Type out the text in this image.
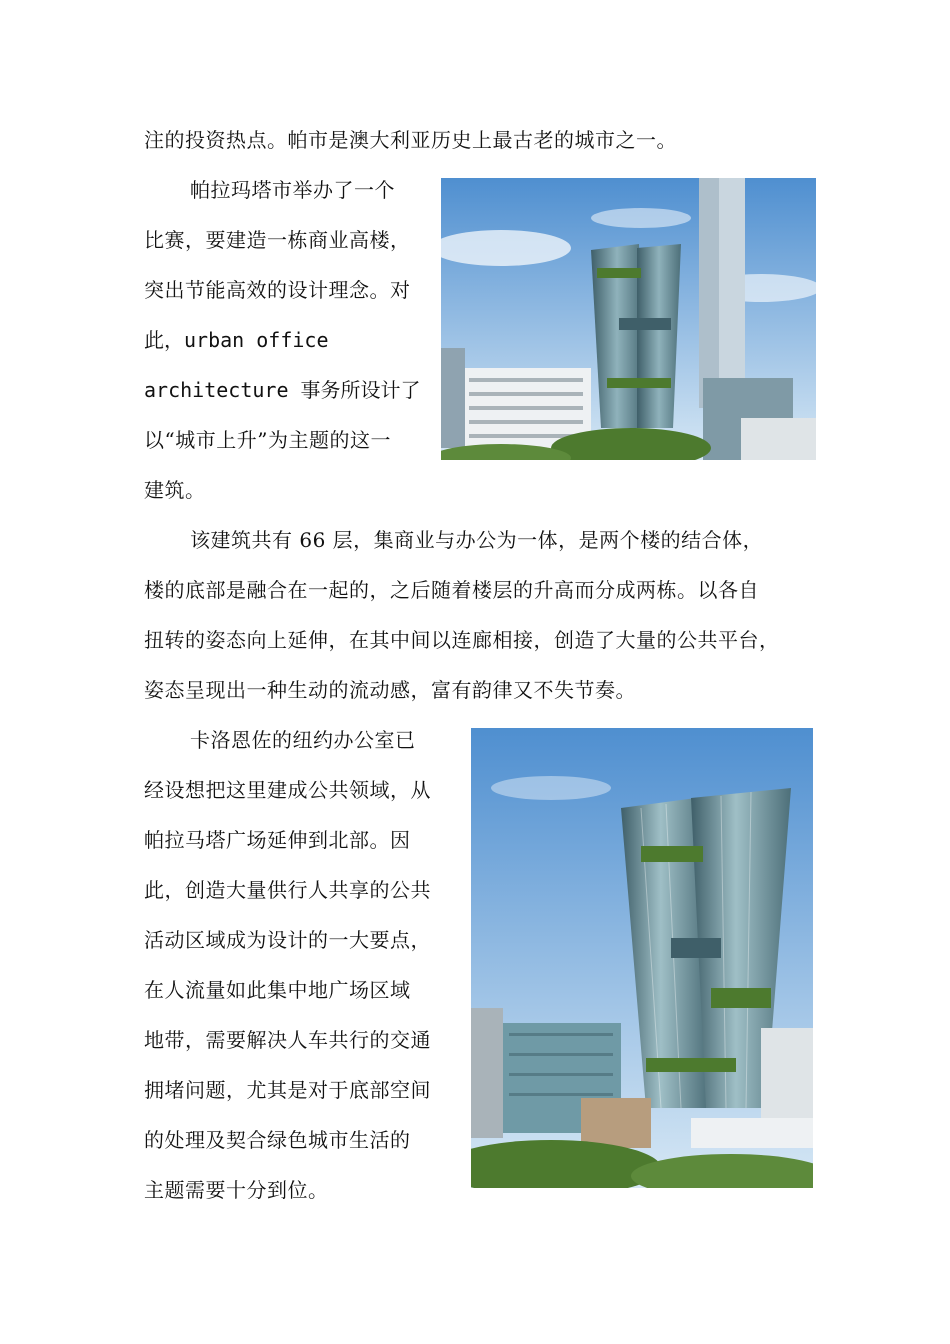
注的投资热点。帕市是澳大利亚历史上最古老的城市之一。
帕拉玛塔市举办了一个
比赛，要建造一栋商业高楼，
突出节能高效的设计理念。对
此，urban office
architecture 事务所设计了
以“城市上升”为主题的这一
建筑。
该建筑共有 66 层，集商业与办公为一体，是两个楼的结合体，
楼的底部是融合在一起的，之后随着楼层的升高而分成两栋。以各自
扭转的姿态向上延伸，在其中间以连廊相接，创造了大量的公共平台，
姿态呈现出一种生动的流动感，富有韵律又不失节奏。
卡洛恩佐的纽约办公室已
经设想把这里建成公共领域，从
帕拉马塔广场延伸到北部。因
此，创造大量供行人共享的公共
活动区域成为设计的一大要点，
在人流量如此集中地广场区域
地带，需要解决人车共行的交通
拥堵问题，尤其是对于底部空间
的处理及契合绿色城市生活的
主题需要十分到位。
